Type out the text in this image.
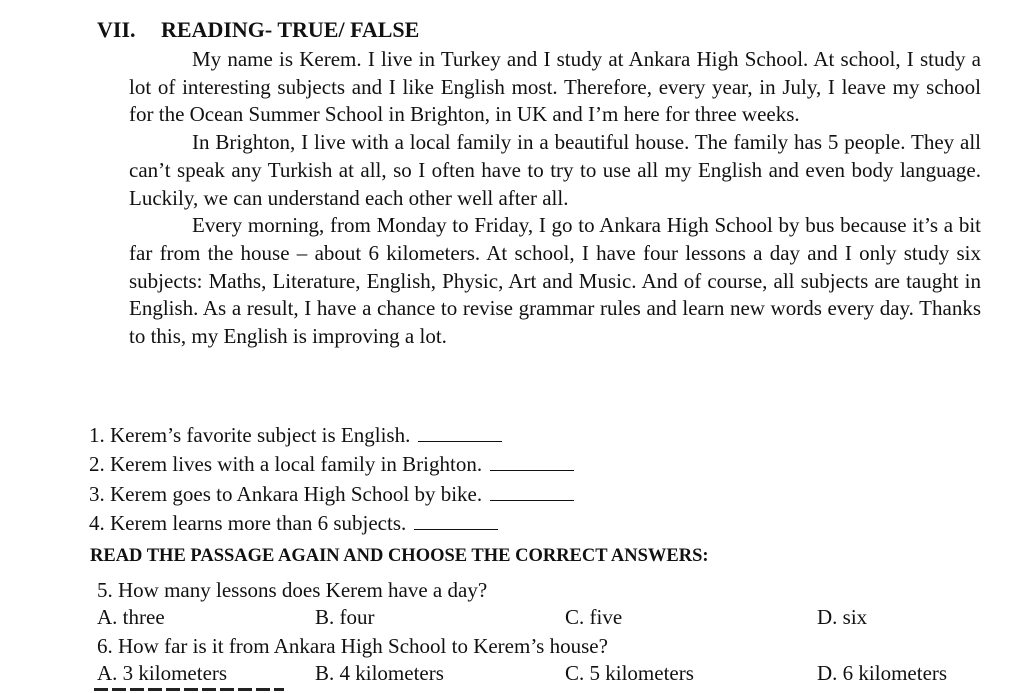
VII. READING- TRUE/ FALSE

My name is Kerem. I live in Turkey and I study at Ankara High School. At school, I study a lot of interesting subjects and I like English most. Therefore, every year, in July, I leave my school for the Ocean Summer School in Brighton, in UK and I’m here for three weeks.

In Brighton, I live with a local family in a beautiful house. The family has 5 people. They all can’t speak any Turkish at all, so I often have to try to use all my English and even body language. Luckily, we can understand each other well after all.

Every morning, from Monday to Friday, I go to Ankara High School by bus because it’s a bit far from the house – about 6 kilometers. At school, I have four lessons a day and I only study six subjects: Maths, Literature, English, Physic, Art and Music. And of course, all subjects are taught in English. As a result, I have a chance to revise grammar rules and learn new words every day. Thanks to this, my English is improving a lot.

1. Kerem’s favorite subject is English.
2. Kerem lives with a local family in Brighton.
3. Kerem goes to Ankara High School by bike.
4. Kerem learns more than 6 subjects.
READ THE PASSAGE AGAIN AND CHOOSE THE CORRECT ANSWERS:
5. How many lessons does Kerem have a day?
A. three	B. four	C. five	D. six
6. How far is it from Ankara High School to Kerem’s house?
A. 3 kilometers	B. 4 kilometers	C. 5 kilometers	D. 6 kilometers
